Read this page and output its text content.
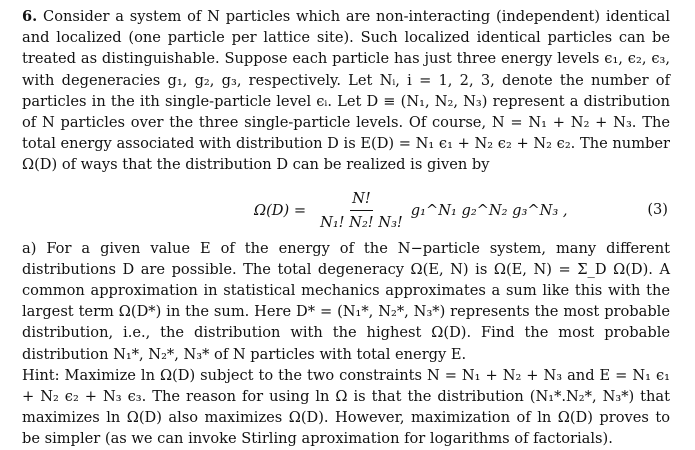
6. Consider a system of N particles which are non-interacting (independent) identical and localized (one particle per lattice site). Such localized identical particles can be treated as distinguishable. Suppose each particle has just three energy levels ϵ₁, ϵ₂, ϵ₃, with degeneracies g₁, g₂, g₃, respectively. Let Nᵢ, i = 1, 2, 3, denote the number of particles in the ith single-particle level ϵᵢ. Let D ≡ (N₁, N₂, N₃) represent a distribution of N particles over the three single-particle levels. Of course, N = N₁ + N₂ + N₃. The total energy associated with distribution D is E(D) = N₁ ϵ₁ + N₂ ϵ₂ + N₂ ϵ₂. The number Ω(D) of ways that the distribution D can be realized is given by

$\Omega(D) = \frac{N!}{\text{N₁! N₂! N₃!}}$ g₁^N₁ g₂^N₂ g₃^N₃ ,	(3)

a) For a given value E of the energy of the N−particle system, many different distributions D are possible. The total degeneracy Ω(E, N) is Ω(E, N) = Σ_D Ω(D). A common approximation in statistical mechanics approximates a sum like this with the largest term Ω(D*) in the sum. Here D* = (N₁*, N₂*, N₃*) represents the most probable distribution, i.e., the distribution with the highest Ω(D). Find the most probable distribution N₁*, N₂*, N₃* of N particles with total energy E.

Hint: Maximize ln Ω(D) subject to the two constraints N = N₁ + N₂ + N₃ and E = N₁ ϵ₁ + N₂ ϵ₂ + N₃ ϵ₃. The reason for using ln Ω is that the distribution (N₁*.N₂*, N₃*) that maximizes ln Ω(D) also maximizes Ω(D). However, maximization of ln Ω(D) proves to be simpler (as we can invoke Stirling aproximation for logarithms of factorials).
